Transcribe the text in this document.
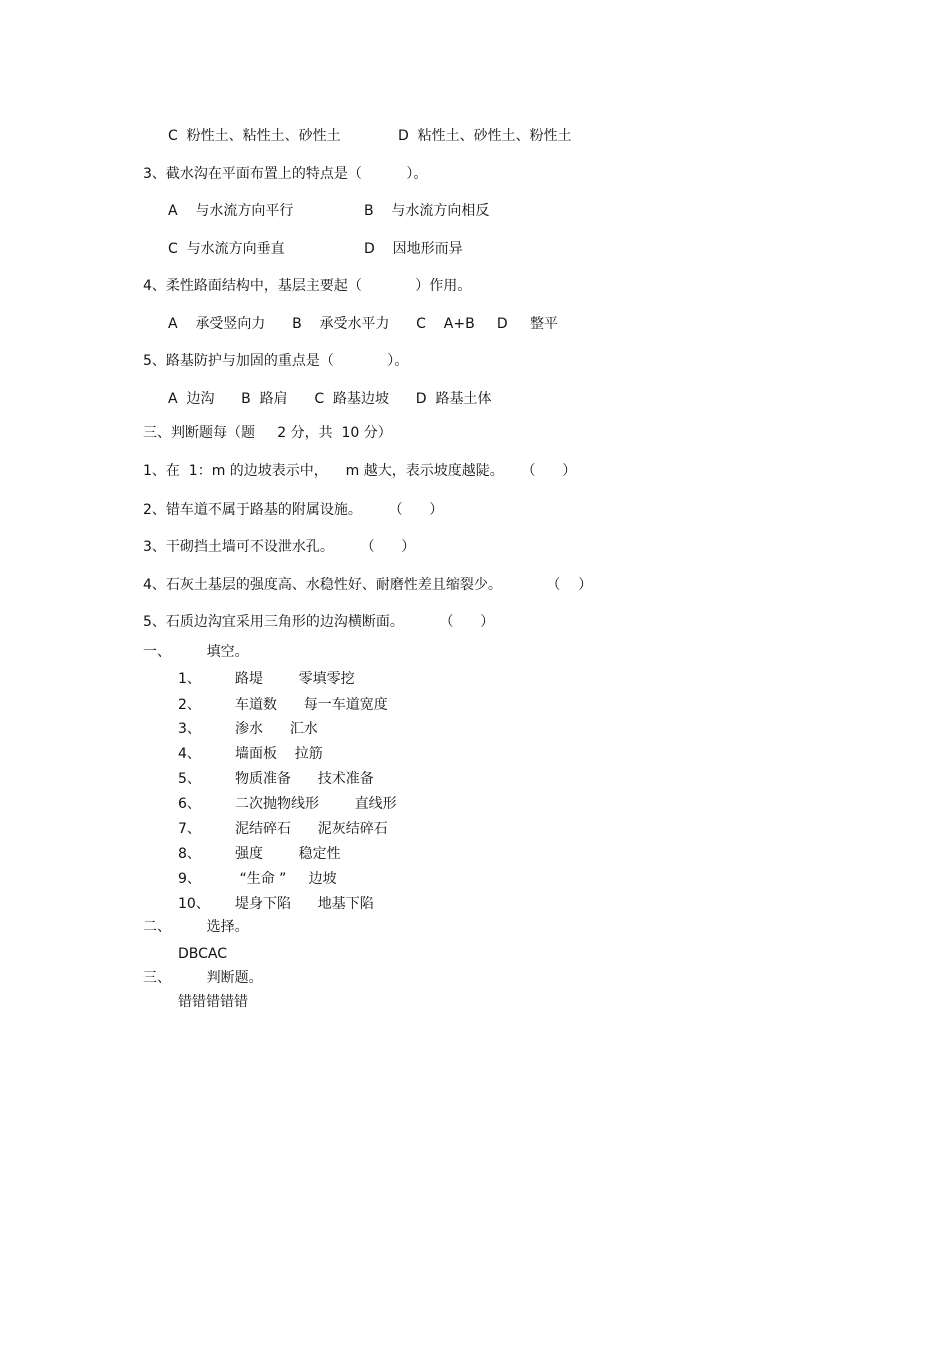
C  粉性土、粘性土、砂性土	D  粘性土、砂性土、粉性土
3、截水沟在平面布置上的特点是（          ）。
A    与水流方向平行	B    与水流方向相反
C  与水流方向垂直	D    因地形而异
4、柔性路面结构中，基层主要起（            ）作用。
A    承受竖向力      B    承受水平力      C    A+B     D     整平
5、路基防护与加固的重点是（            ）。
A  边沟      B  路肩      C  路基边坡      D  路基土体
三、判断题每（题     2 分，共  10 分）
1、在  1：m 的边坡表示中，    m 越大，表示坡度越陡。    （      ）
2、错车道不属于路基的附属设施。      （      ）
3、干砌挡土墙可不设泄水孔。      （      ）
4、石灰土基层的强度高、水稳性好、耐磨性差且缩裂少。          （    ）
5、石质边沟宜采用三角形的边沟横断面。        （      ）
一、        填空。
1、 路堤        零填零挖
2、 车道数      每一车道宽度
3、 渗水      汇水
4、 墙面板    拉筋
5、 物质准备      技术准备
6、 二次抛物线形        直线形
7、 泥结碎石      泥灰结碎石
8、 强度        稳定性
9、 “生命 ”     边坡
10、 堤身下陷      地基下陷
二、        选择。
DBCAC
三、        判断题。
错错错错错
